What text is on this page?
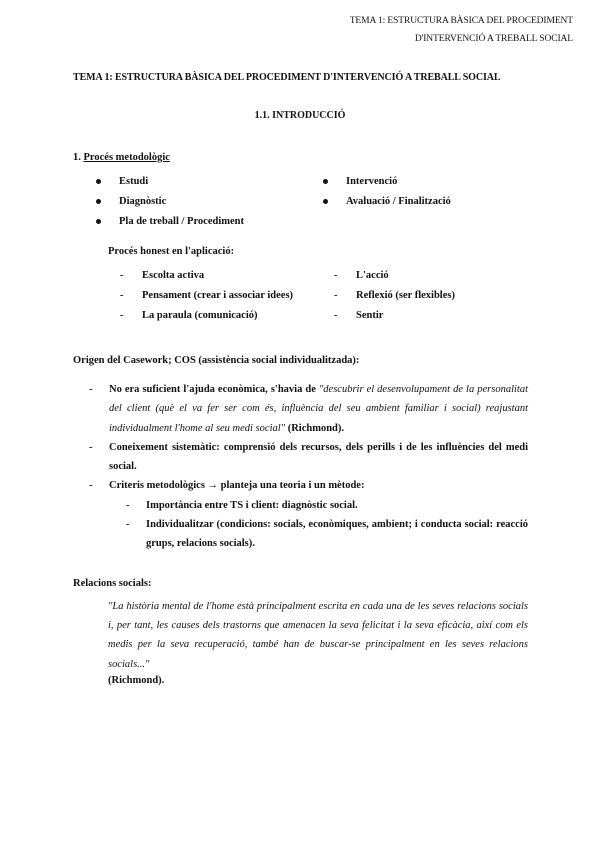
TEMA 1: ESTRUCTURA BÀSICA DEL PROCEDIMENT
D'INTERVENCIÓ A TREBALL SOCIAL
TEMA 1: ESTRUCTURA BÀSICA DEL PROCEDIMENT D'INTERVENCIÓ A TREBALL SOCIAL
1.1. INTRODUCCIÓ
1. Procés metodològic
Estudi	Intervenció
Diagnòstic	Avaluació / Finalització
Pla de treball / Procediment
Procés honest en l'aplicació:
- Escolta activa	- L'acció
- Pensament (crear i associar idees)	- Reflexió (ser flexibles)
- La paraula (comunicació)	- Sentir
Origen del Casework; COS (assistència social individualitzada):
- No era suficient l'ajuda econòmica, s'havia de "descubrir el desenvolupament de la personalitat del client (què el va fer ser com és, influència del seu ambient familiar i social) reajustant individualment l'home al seu medi social" (Richmond).
- Coneixement sistemàtic: comprensió dels recursos, dels perills i de les influències del medi social.
- Criteris metodològics → planteja una teoria i un mètode:
- Importància entre TS i client: diagnòstic social.
- Individualitzar (condicions: socials, econòmiques, ambient; i conducta social: reacció grups, relacions socials).
Relacions socials:
"La història mental de l'home està principalment escrita en cada una de les seves relacions socials i, per tant, les causes dels trastorns que amenacen la seva felicitat i la seva eficàcia, així com els medis per la seva recuperació, també han de buscar-se principalment en les seves relacions socials..."
(Richmond).
